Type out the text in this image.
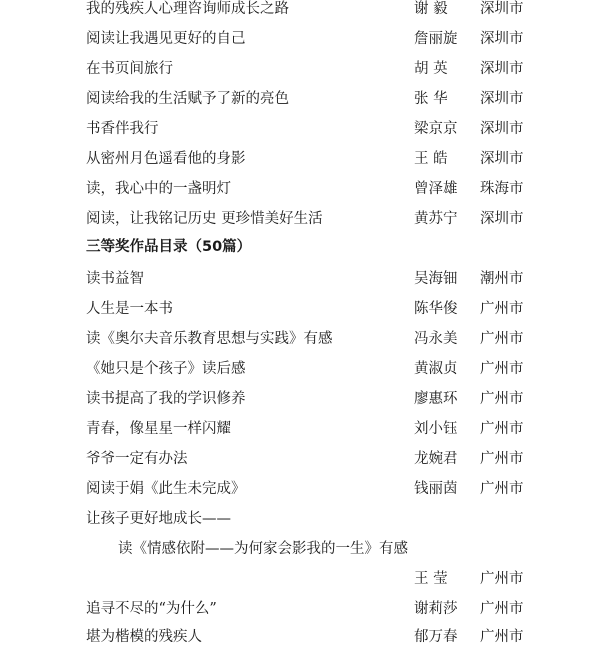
我的残疾人心理咨询师成长之路	谢 毅	深圳市
阅读让我遇见更好的自己	詹丽旋	深圳市
在书页间旅行	胡 英	深圳市
阅读给我的生活赋予了新的亮色	张 华	深圳市
书香伴我行	梁京京	深圳市
从密州月色遥看他的身影	王 皓	深圳市
读，我心中的一盏明灯	曾泽雄	珠海市
阅读，让我铭记历史 更珍惜美好生活	黄苏宁	深圳市
三等奖作品目录（50篇）
读书益智	吴海钿	潮州市
人生是一本书	陈华俊	广州市
读《奥尔夫音乐教育思想与实践》有感	冯永美	广州市
《她只是个孩子》读后感	黄淑贞	广州市
读书提高了我的学识修养	廖惠环	广州市
青春，像星星一样闪耀	刘小钰	广州市
爷爷一定有办法	龙婉君	广州市
阅读于娟《此生未完成》	钱丽茵	广州市
让孩子更好地成长——
读《情感依附——为何家会影我的一生》有感
王 莹	广州市
追寻不尽的“为什么”	谢莉莎	广州市
堪为楷模的残疾人	郁万春	广州市
